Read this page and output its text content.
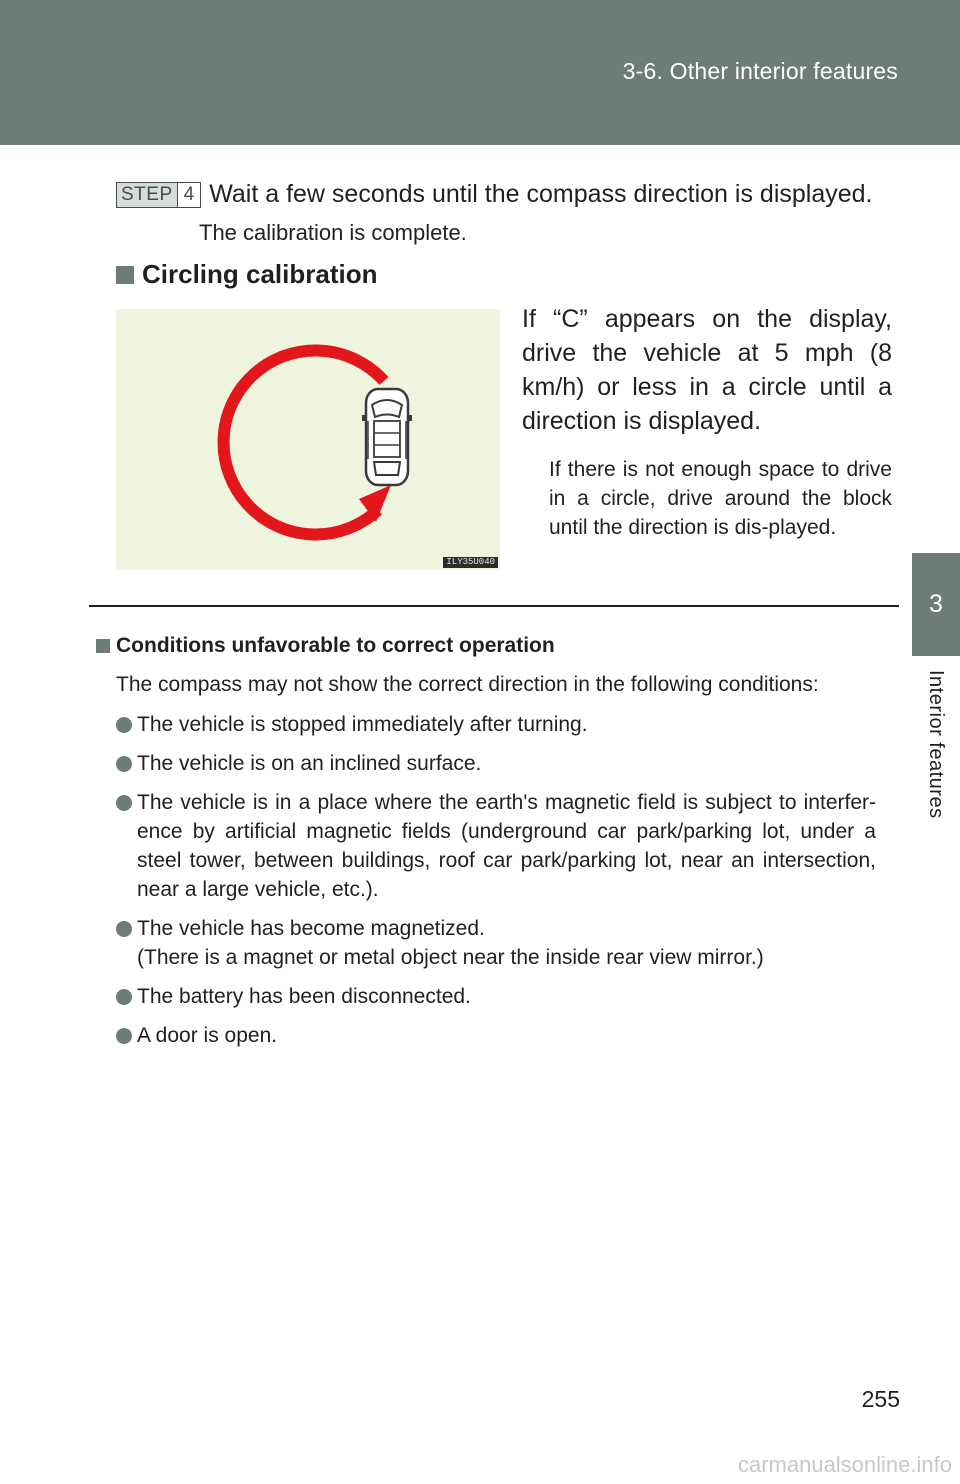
3-6. Other interior features
3
Interior features
STEP 4 Wait a few seconds until the compass direction is displayed.
The calibration is complete.
Circling calibration
ILY35U040
If “C” appears on the display, drive the vehicle at 5 mph (8 km/h) or less in a circle until a direction is displayed.
If there is not enough space to drive in a circle, drive around the block until the direction is dis-played.
Conditions unfavorable to correct operation
The compass may not show the correct direction in the following conditions:
The vehicle is stopped immediately after turning.
The vehicle is on an inclined surface.
The vehicle is in a place where the earth's magnetic field is subject to interfer-ence by artificial magnetic fields (underground car park/parking lot, under a steel tower, between buildings, roof car park/parking lot, near an intersection, near a large vehicle, etc.).
The vehicle has become magnetized.
(There is a magnet or metal object near the inside rear view mirror.)
The battery has been disconnected.
A door is open.
255
carmanualsonline.info
